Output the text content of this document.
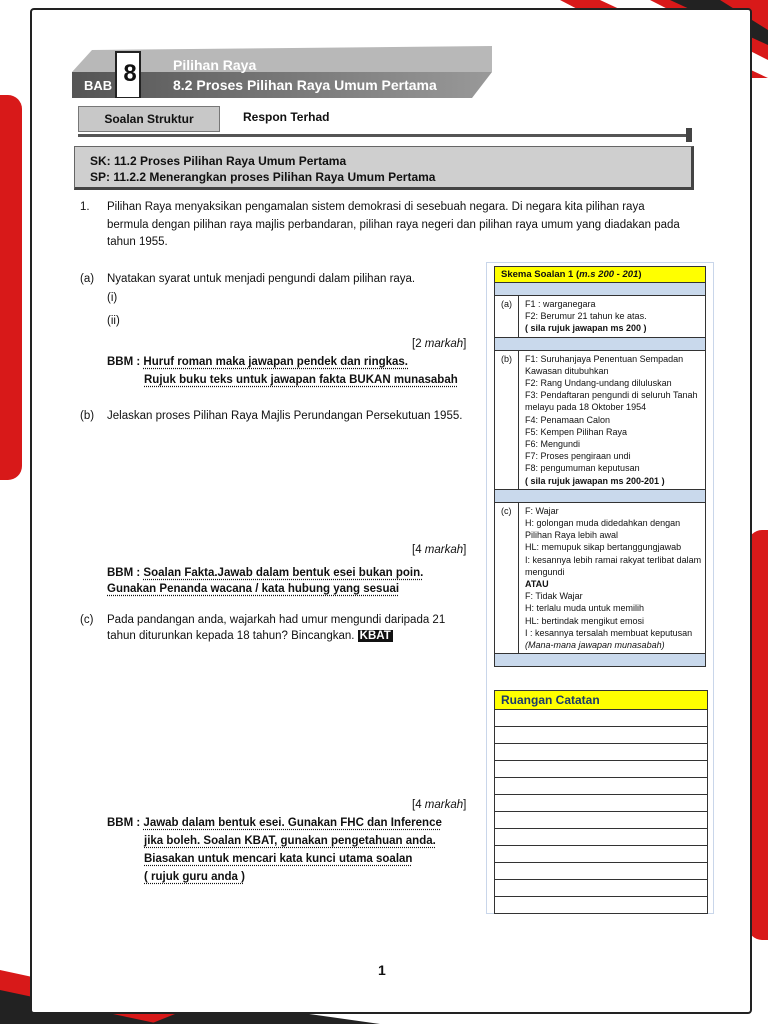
BAB 8	Pilihan Raya
8.2 Proses Pilihan Raya Umum Pertama
Soalan Struktur	Respon Terhad
SK: 11.2 Proses Pilihan Raya Umum Pertama
SP: 11.2.2 Menerangkan proses Pilihan Raya Umum Pertama
1. Pilihan Raya menyaksikan pengamalan sistem demokrasi di sesebuah negara. Di negara kita pilihan raya bermula dengan pilihan raya majlis perbandaran, pilihan raya negeri dan pilihan raya umum yang diadakan pada tahun 1955.
(a) Nyatakan syarat untuk menjadi pengundi dalam pilihan raya.
(i)
(ii)
[2 markah]
BBM : Huruf roman maka jawapan pendek dan ringkas.
Rujuk buku teks untuk jawapan fakta BUKAN munasabah
(b) Jelaskan proses Pilihan Raya Majlis Perundangan Persekutuan 1955.
[4 markah]
BBM : Soalan Fakta.Jawab dalam bentuk esei bukan poin.
Gunakan Penanda wacana / kata hubung yang sesuai
(c) Pada pandangan anda, wajarkah had umur mengundi daripada 21
tahun diturunkan kepada 18 tahun? Bincangkan. KBAT
[4 markah]
BBM : Jawab dalam bentuk esei. Gunakan FHC dan Inference
jika boleh. Soalan KBAT, gunakan pengetahuan anda.
Biasakan untuk mencari kata kunci utama soalan
( rujuk guru anda )
Skema Soalan 1 (m.s 200 - 201)
(a)	F1 : warganegara
F2: Berumur 21 tahun ke atas.
( sila rujuk jawapan ms 200 )
(b)	F1: Suruhanjaya Penentuan Sempadan Kawasan ditubuhkan
F2: Rang Undang-undang diluluskan
F3: Pendaftaran pengundi di seluruh Tanah melayu pada 18 Oktober 1954
F4: Penamaan Calon
F5: Kempen Pilihan Raya
F6: Mengundi
F7: Proses pengiraan undi
F8: pengumuman keputusan
( sila rujuk jawapan ms 200-201 )
(c)	F: Wajar
H: golongan muda didedahkan dengan Pilihan Raya lebih awal
HL: memupuk sikap bertanggungjawab
I: kesannya lebih ramai rakyat terlibat dalam mengundi
ATAU
F: Tidak Wajar
H: terlalu muda untuk memilih
HL: bertindak mengikut emosi
I : kesannya tersalah membuat keputusan
(Mana-mana jawapan munasabah)
Ruangan Catatan
1
